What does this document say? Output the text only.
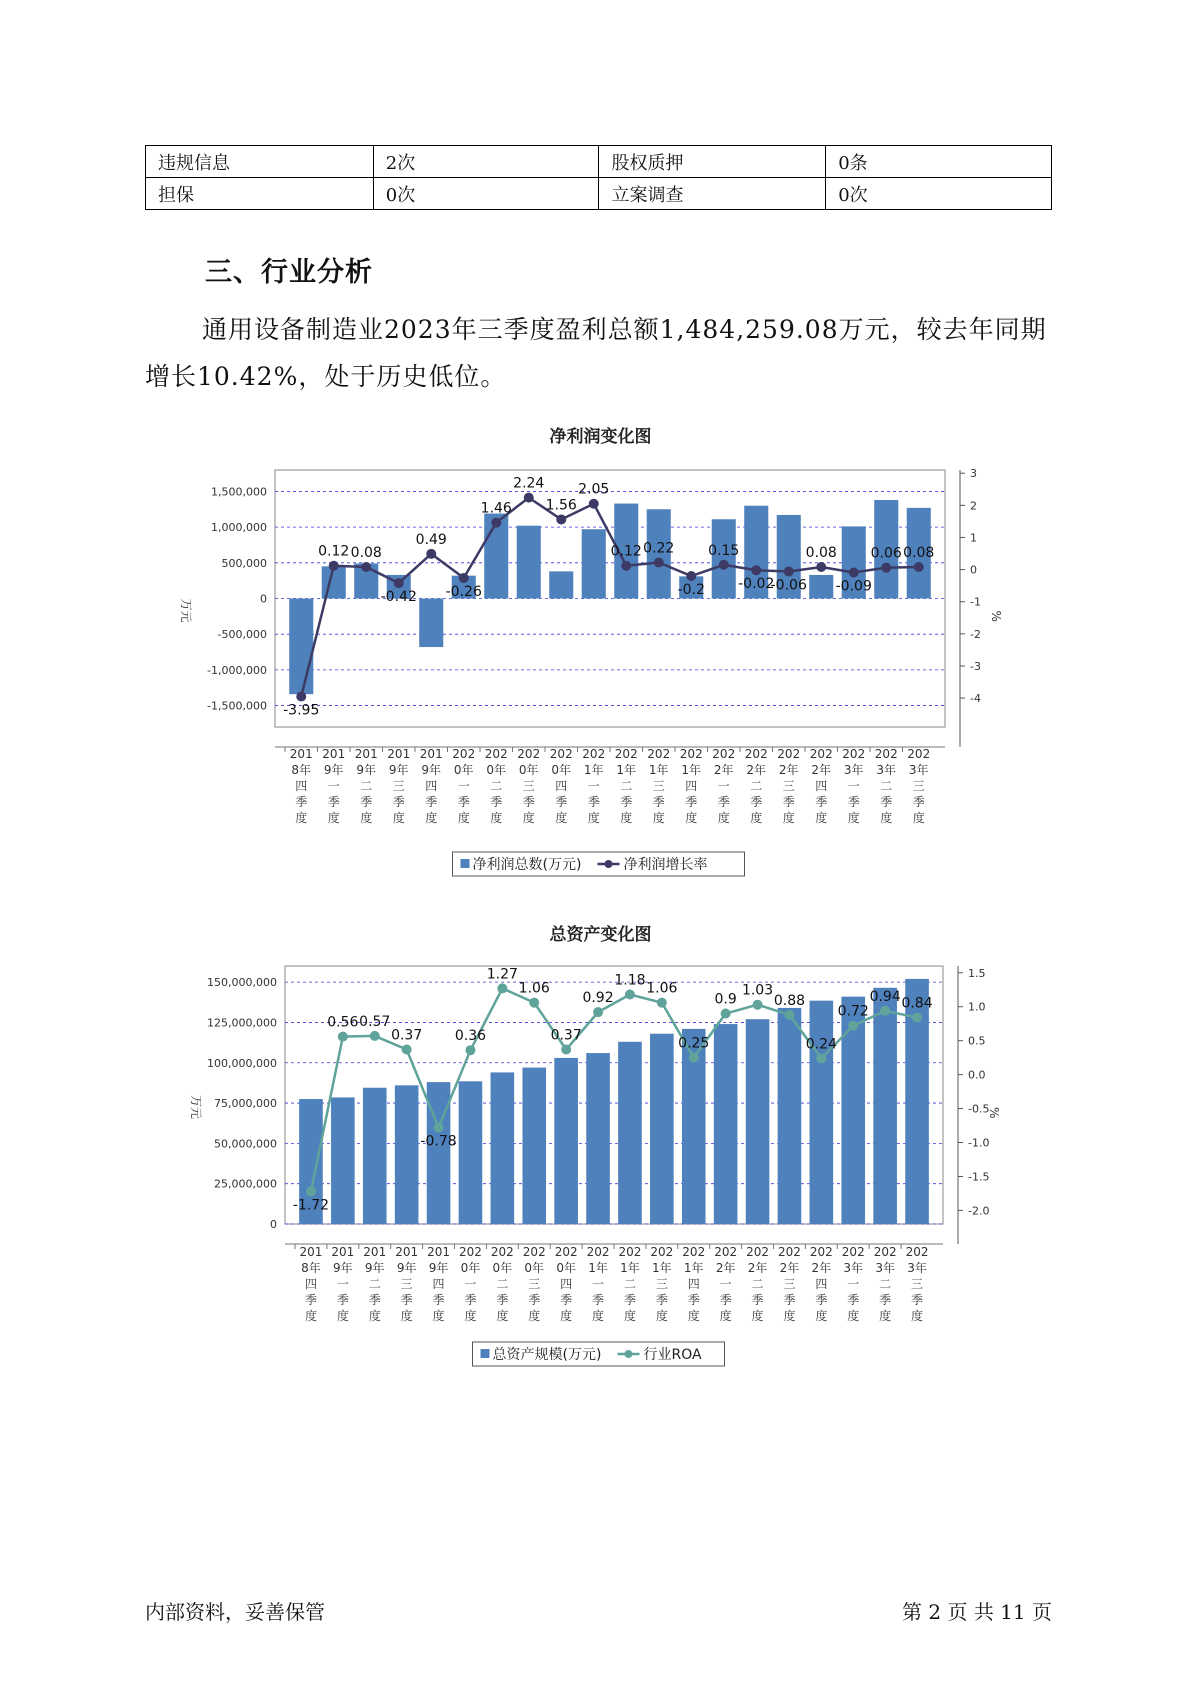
违规信息	2次	股权质押	0条
担保	0次	立案调查	0次
三、行业分析

通用设备制造业2023年三季度盈利总额1,484,259.08万元，较去年同期增长10.42%，处于历史低位。

净利润变化图
1,500,000
1,000,000
500,000
0
-500,000
-1,000,000
-1,500,000
3
2
1
0
-1
-2
-3
-4
万元	%
201
8年
四
季
度
201
9年
一
季
度
201
9年
二
季
度
201
9年
三
季
度
201
9年
四
季
度
202
0年
一
季
度
202
0年
二
季
度
202
0年
三
季
度
202
0年
四
季
度
202
1年
一
季
度
202
1年
二
季
度
202
1年
三
季
度
202
1年
四
季
度
202
2年
一
季
度
202
2年
二
季
度
202
2年
三
季
度
202
2年
四
季
度
202
3年
一
季
度
202
3年
二
季
度
202
3年
三
季
度
-3.95
0.12 0.08
-0.42
0.49
-0.26
1.46
2.24
1.56
2.05
0.12 0.22
-0.2
0.15
-0.02
-0.06
0.08
-0.09
0.06 0.08
净利润总数(万元)	净利润增长率
总资产变化图
150,000,000
125,000,000
100,000,000
75,000,000
50,000,000
25,000,000
0
1.5
1.0
0.5
0.0
-0.5
-1.0
-1.5
-2.0
万元	%
201
8年
四
季
度
201
9年
一
季
度
201
9年
二
季
度
201
9年
三
季
度
201
9年
四
季
度
202
0年
一
季
度
202
0年
二
季
度
202
0年
三
季
度
202
0年
四
季
度
202
1年
一
季
度
202
1年
二
季
度
202
1年
三
季
度
202
1年
四
季
度
202
2年
一
季
度
202
2年
二
季
度
202
2年
三
季
度
202
2年
四
季
度
202
3年
一
季
度
202
3年
二
季
度
202
3年
三
季
度
-1.72
0.56 0.57
0.37
-0.78
0.36
1.27
1.06
0.37
0.92
1.18
1.06
0.25
0.9
1.03
0.88
0.24
0.72
0.94 0.84
总资产规模(万元)	行业ROA
内部资料，妥善保管	第 2 页 共 11 页
